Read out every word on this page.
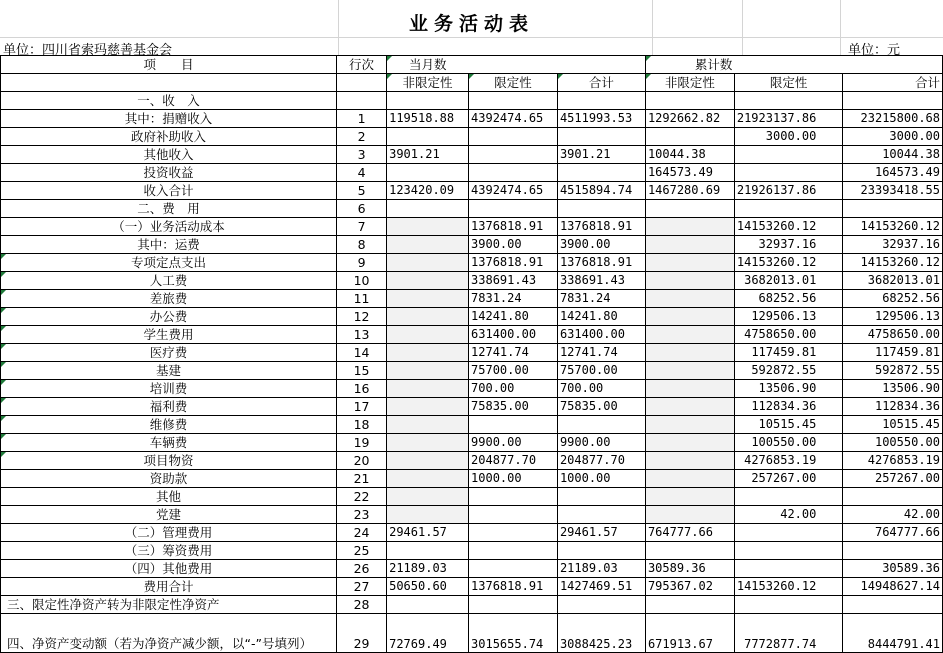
业务活动表
单位：四川省索玛慈善基金会	单位：元
项　　目	行次	当月数			累计数		
		非限定性	限定性	合计	非限定性	限定性	合计
一、收　入							
其中：捐赠收入	1	119518.88	4392474.65	4511993.53	1292662.82	21923137.86	23215800.68
政府补助收入	2					3000.00	3000.00
其他收入	3	3901.21		3901.21	10044.38		10044.38
投资收益	4				164573.49		164573.49
收入合计	5	123420.09	4392474.65	4515894.74	1467280.69	21926137.86	23393418.55
二、费　用	6						
（一）业务活动成本	7		1376818.91	1376818.91		14153260.12	14153260.12
其中：运费	8		3900.00	3900.00		32937.16	32937.16
专项定点支出	9		1376818.91	1376818.91		14153260.12	14153260.12
人工费	10		338691.43	338691.43		3682013.01	3682013.01
差旅费	11		7831.24	7831.24		68252.56	68252.56
办公费	12		14241.80	14241.80		129506.13	129506.13
学生费用	13		631400.00	631400.00		4758650.00	4758650.00
医疗费	14		12741.74	12741.74		117459.81	117459.81
基建	15		75700.00	75700.00		592872.55	592872.55
培训费	16		700.00	700.00		13506.90	13506.90
福利费	17		75835.00	75835.00		112834.36	112834.36
维修费	18					10515.45	10515.45
车辆费	19		9900.00	9900.00		100550.00	100550.00
项目物资	20		204877.70	204877.70		4276853.19	4276853.19
资助款	21		1000.00	1000.00		257267.00	257267.00
其他	22						
党建	23					42.00	42.00
（二）管理费用	24	29461.57		29461.57	764777.66		764777.66
（三）筹资费用	25						
（四）其他费用	26	21189.03		21189.03	30589.36		30589.36
费用合计	27	50650.60	1376818.91	1427469.51	795367.02	14153260.12	14948627.14
三、限定性净资产转为非限定性净资产	28						
四、净资产变动额（若为净资产减少额，以“-”号填列）	29	72769.49	3015655.74	3088425.23	671913.67	7772877.74	8444791.41
